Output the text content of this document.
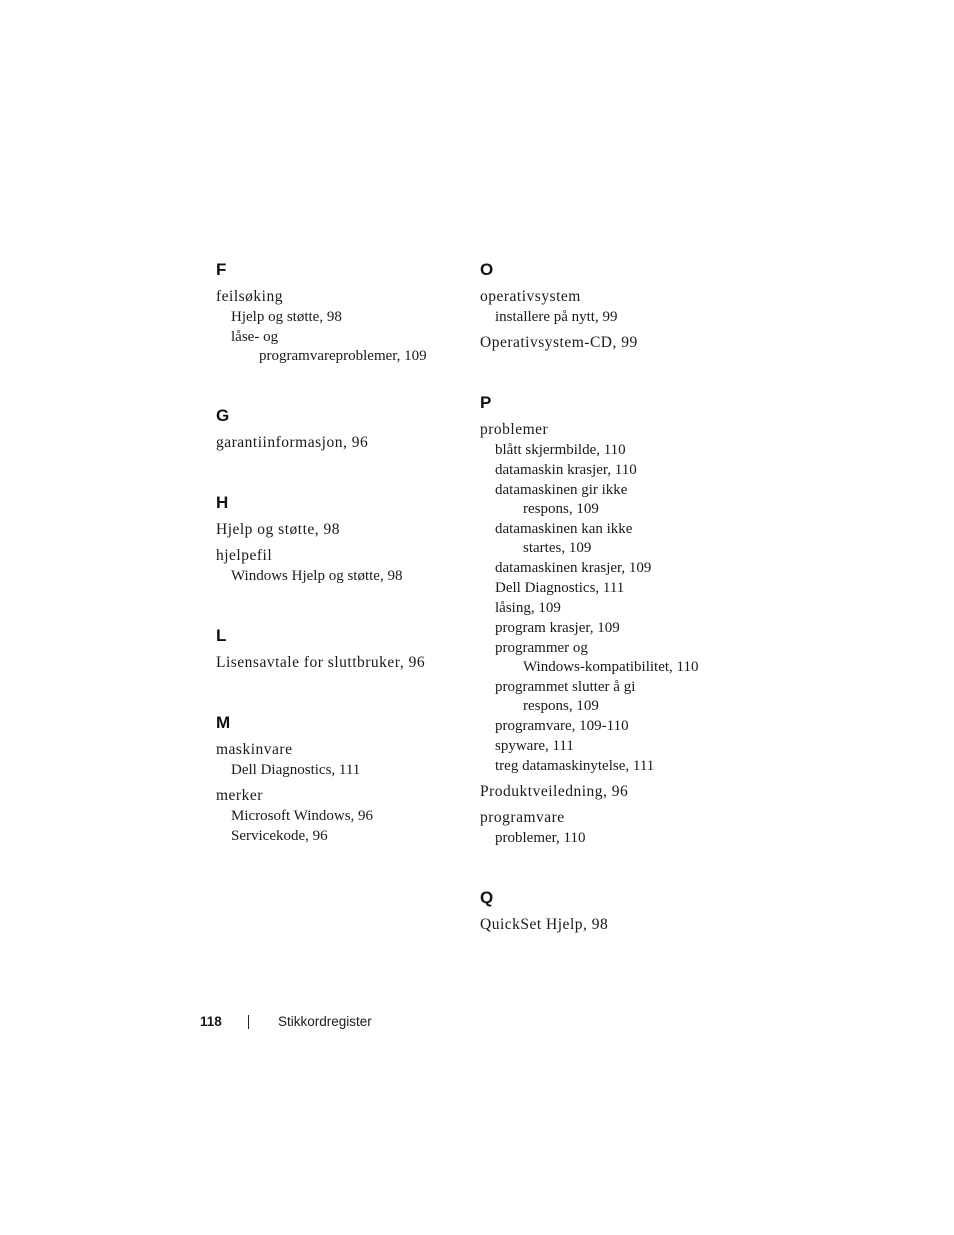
F
feilsøking
Hjelp og støtte, 98
låse- og
programvareproblemer, 109
G
garantiinformasjon, 96
H
Hjelp og støtte, 98
hjelpefil
Windows Hjelp og støtte, 98
L
Lisensavtale for sluttbruker, 96
M
maskinvare
Dell Diagnostics, 111
merker
Microsoft Windows, 96
Servicekode, 96
O
operativsystem
installere på nytt, 99
Operativsystem-CD, 99
P
problemer
blått skjermbilde, 110
datamaskin krasjer, 110
datamaskinen gir ikke
respons, 109
datamaskinen kan ikke
startes, 109
datamaskinen krasjer, 109
Dell Diagnostics, 111
låsing, 109
program krasjer, 109
programmer og
Windows-kompatibilitet, 110
programmet slutter å gi
respons, 109
programvare, 109-110
spyware, 111
treg datamaskinytelse, 111
Produktveiledning, 96
programvare
problemer, 110
Q
QuickSet Hjelp, 98
118	Stikkordregister
